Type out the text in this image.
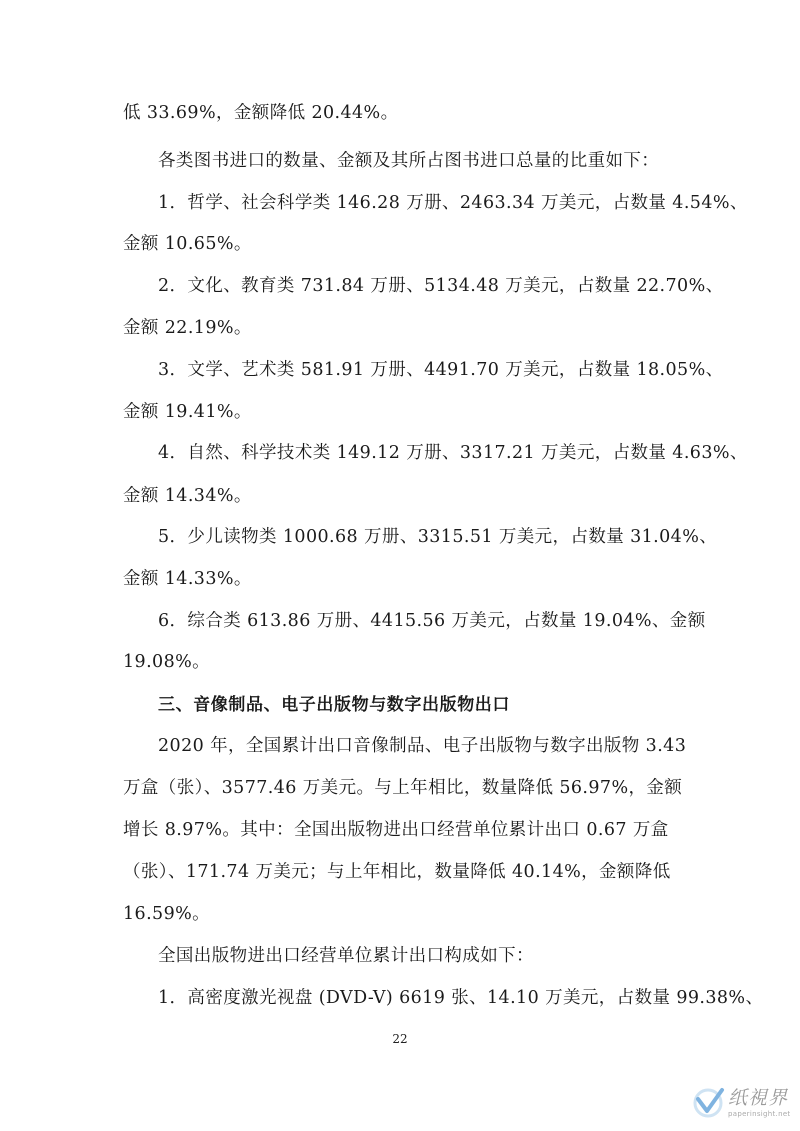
低 33.69%，金额降低 20.44%。
各类图书进口的数量、金额及其所占图书进口总量的比重如下：
1．哲学、社会科学类 146.28 万册、2463.34 万美元，占数量 4.54%、
金额 10.65%。
2．文化、教育类 731.84 万册、5134.48 万美元，占数量 22.70%、
金额 22.19%。
3．文学、艺术类 581.91 万册、4491.70 万美元，占数量 18.05%、
金额 19.41%。
4．自然、科学技术类 149.12 万册、3317.21 万美元，占数量 4.63%、
金额 14.34%。
5．少儿读物类 1000.68 万册、3315.51 万美元，占数量 31.04%、
金额 14.33%。
6．综合类 613.86 万册、4415.56 万美元，占数量 19.04%、金额
19.08%。
三、音像制品、电子出版物与数字出版物出口
2020 年，全国累计出口音像制品、电子出版物与数字出版物 3.43
万盒（张）、3577.46 万美元。与上年相比，数量降低 56.97%，金额
增长 8.97%。其中：全国出版物进出口经营单位累计出口 0.67 万盒
（张）、171.74 万美元；与上年相比，数量降低 40.14%，金额降低
16.59%。
全国出版物进出口经营单位累计出口构成如下：
1．高密度激光视盘 (DVD-V) 6619 张、14.10 万美元，占数量 99.38%、
22
纸視界
paperinsight.net
